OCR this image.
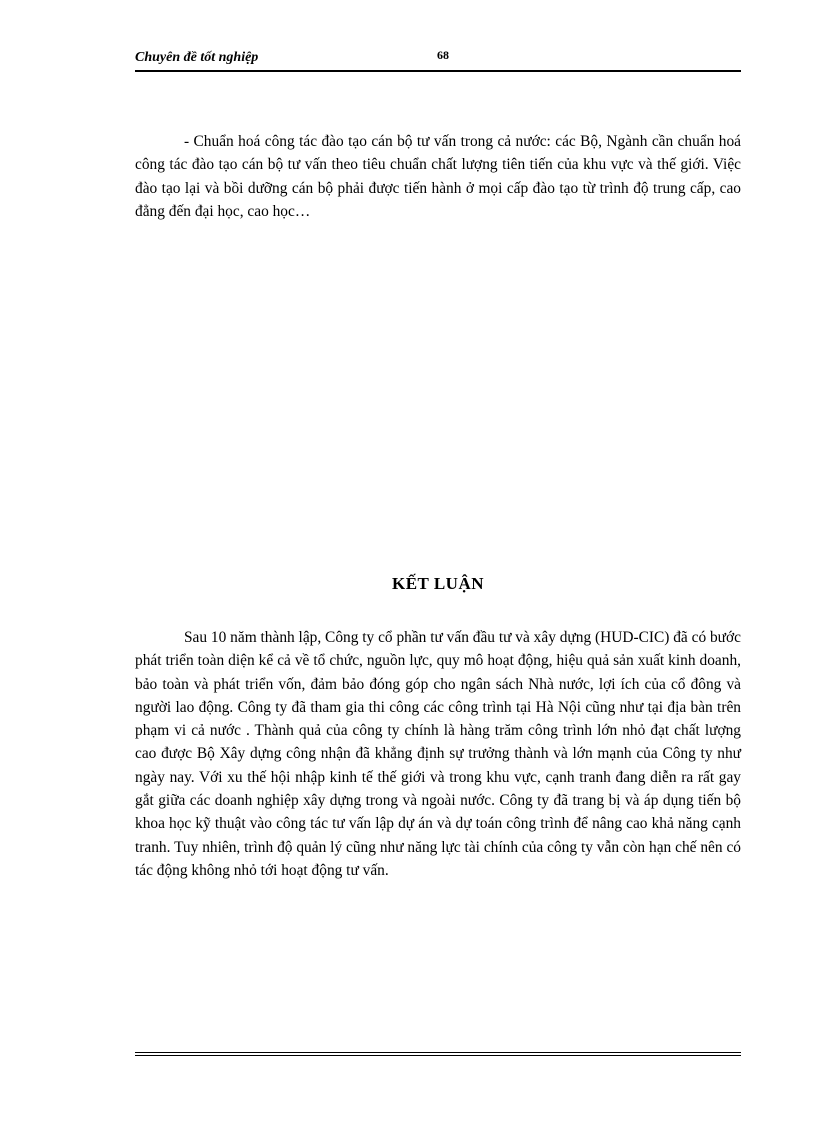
Chuyên đề tốt nghiệp	68

- Chuẩn hoá công tác đào tạo cán bộ tư vấn trong cả nước: các Bộ, Ngành cần chuẩn hoá công tác đào tạo cán bộ tư vấn theo tiêu chuẩn chất lượng tiên tiến của khu vực và thế giới. Việc đào tạo lại và bồi dưỡng cán bộ phải được tiến hành ở mọi cấp đào tạo từ trình độ trung cấp, cao đẳng đến đại học, cao học…

KẾT LUẬN

Sau 10 năm thành lập, Công ty cổ phần tư vấn đầu tư và xây dựng (HUD-CIC) đã có bước phát triển toàn diện kể cả về tổ chức, nguồn lực, quy mô hoạt động, hiệu quả sản xuất kinh doanh, bảo toàn và phát triển vốn, đảm bảo đóng góp cho ngân sách Nhà nước, lợi ích của cổ đông và người lao động. Công ty đã tham gia thi công các công trình tại Hà Nội cũng như tại địa bàn trên phạm vi cả nước . Thành quả của công ty chính là hàng trăm công trình lớn nhỏ đạt chất lượng cao được Bộ Xây dựng công nhận đã khẳng định sự trưởng thành và lớn mạnh của Công ty như ngày nay. Với xu thế hội nhập kinh tế thế giới và trong khu vực, cạnh tranh đang diễn ra rất gay gắt giữa các doanh nghiệp xây dựng trong và ngoài nước. Công ty đã trang bị và áp dụng tiến bộ khoa học kỹ thuật vào công tác tư vấn lập dự án và dự toán công trình để nâng cao khả năng cạnh tranh. Tuy nhiên, trình độ quản lý cũng như năng lực tài chính của công ty vẫn còn hạn chế nên có tác động không nhỏ tới hoạt động tư vấn.
